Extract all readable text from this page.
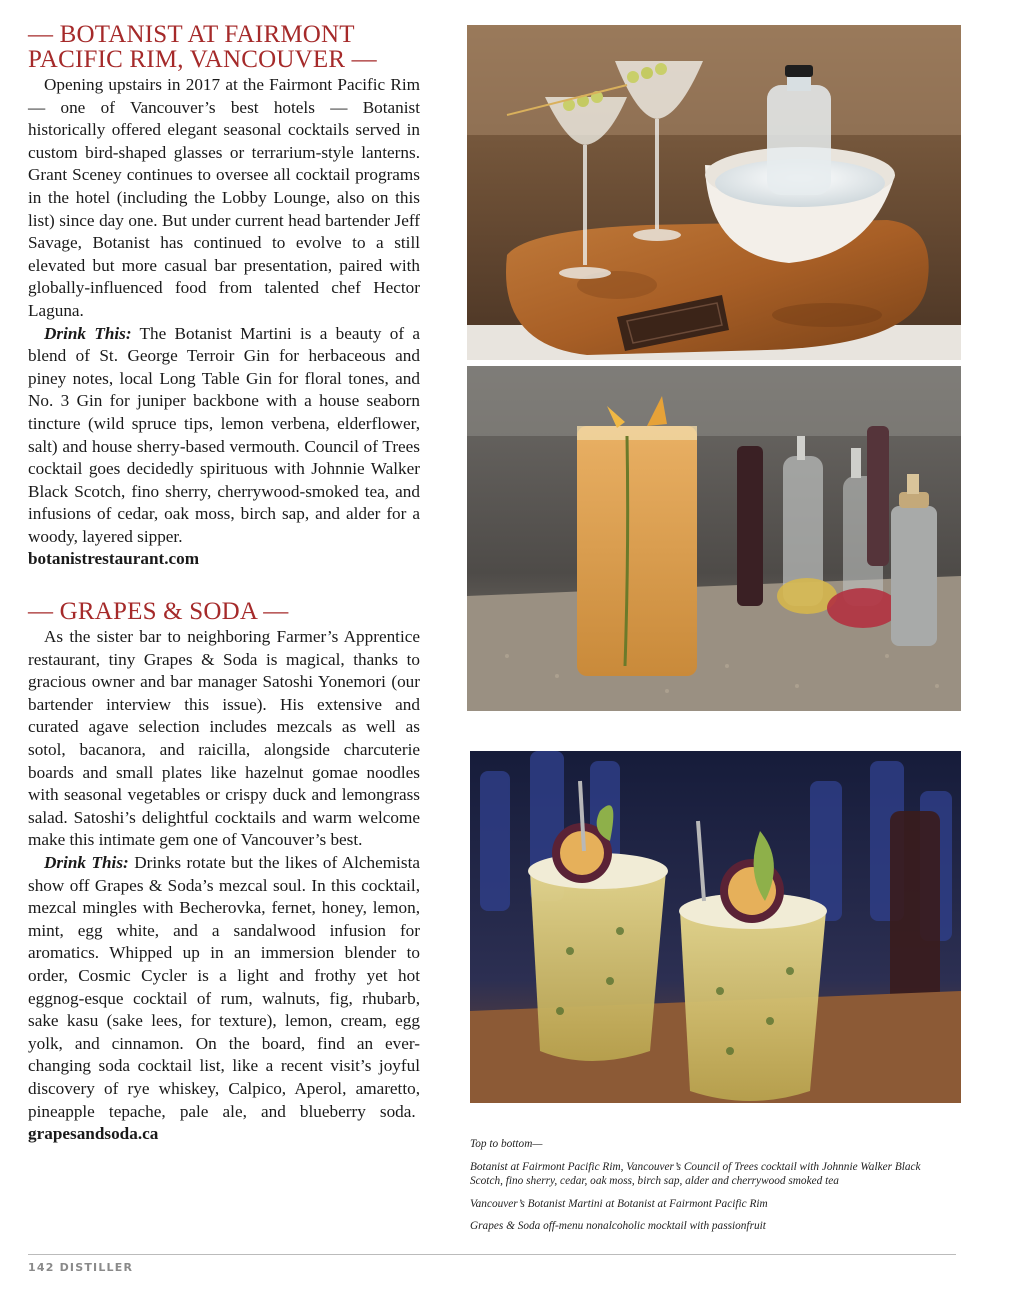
— BOTANIST AT FAIRMONT
PACIFIC RIM, VANCOUVER —

Opening upstairs in 2017 at the Fairmont Pacific Rim — one of Vancouver’s best hotels — Botanist historically offered elegant seasonal cocktails served in custom bird-shaped glasses or terrarium-style lanterns. Grant Sceney continues to oversee all cocktail programs in the hotel (including the Lobby Lounge, also on this list) since day one. But under current head bartender Jeff Savage, Botanist has continued to evolve to a still elevated but more casual bar presentation, paired with globally-influenced food from talented chef Hector Laguna.

Drink This: The Botanist Martini is a beauty of a blend of St. George Terroir Gin for herbaceous and piney notes, local Long Table Gin for floral tones, and No. 3 Gin for juniper backbone with a house seaborn tincture (wild spruce tips, lemon verbena, elderflower, salt) and house sherry-based vermouth. Council of Trees cocktail goes decidedly spirituous with Johnnie Walker Black Scotch, fino sherry, cherrywood-smoked tea, and infusions of cedar, oak moss, birch sap, and alder for a woody, layered sipper.
botanistrestaurant.com

— GRAPES & SODA —

As the sister bar to neighboring Farmer’s Apprentice restaurant, tiny Grapes & Soda is magical, thanks to gracious owner and bar manager Satoshi Yonemori (our bartender interview this issue). His extensive and curated agave selection includes mezcals as well as sotol, bacanora, and raicilla, alongside charcuterie boards and small plates like hazelnut gomae noodles with seasonal vegetables or crispy duck and lemongrass salad. Satoshi’s delightful cocktails and warm welcome make this intimate gem one of Vancouver’s best.

Drink This: Drinks rotate but the likes of Alchemista show off Grapes & Soda’s mezcal soul. In this cocktail, mezcal mingles with Becherovka, fernet, honey, lemon, mint, egg white, and a sandalwood infusion for aromatics. Whipped up in an immersion blender to order, Cosmic Cycler is a light and frothy yet hot eggnog-esque cocktail of rum, walnuts, fig, rhubarb, sake kasu (sake lees, for texture), lemon, cream, egg yolk, and cinnamon. On the board, find an ever-changing soda cocktail list, like a recent visit’s joyful discovery of rye whiskey, Calpico, Aperol, amaretto, pineapple tepache, pale ale, and blueberry soda.  grapesandsoda.ca

Top to bottom—

Botanist at Fairmont Pacific Rim, Vancouver’s Council of Trees cocktail with Johnnie Walker Black Scotch, fino sherry, cedar, oak moss, birch sap, alder and cherrywood smoked tea

Vancouver’s Botanist Martini at Botanist at Fairmont Pacific Rim

Grapes & Soda off-menu nonalcoholic mocktail with passionfruit

142 DISTILLER
